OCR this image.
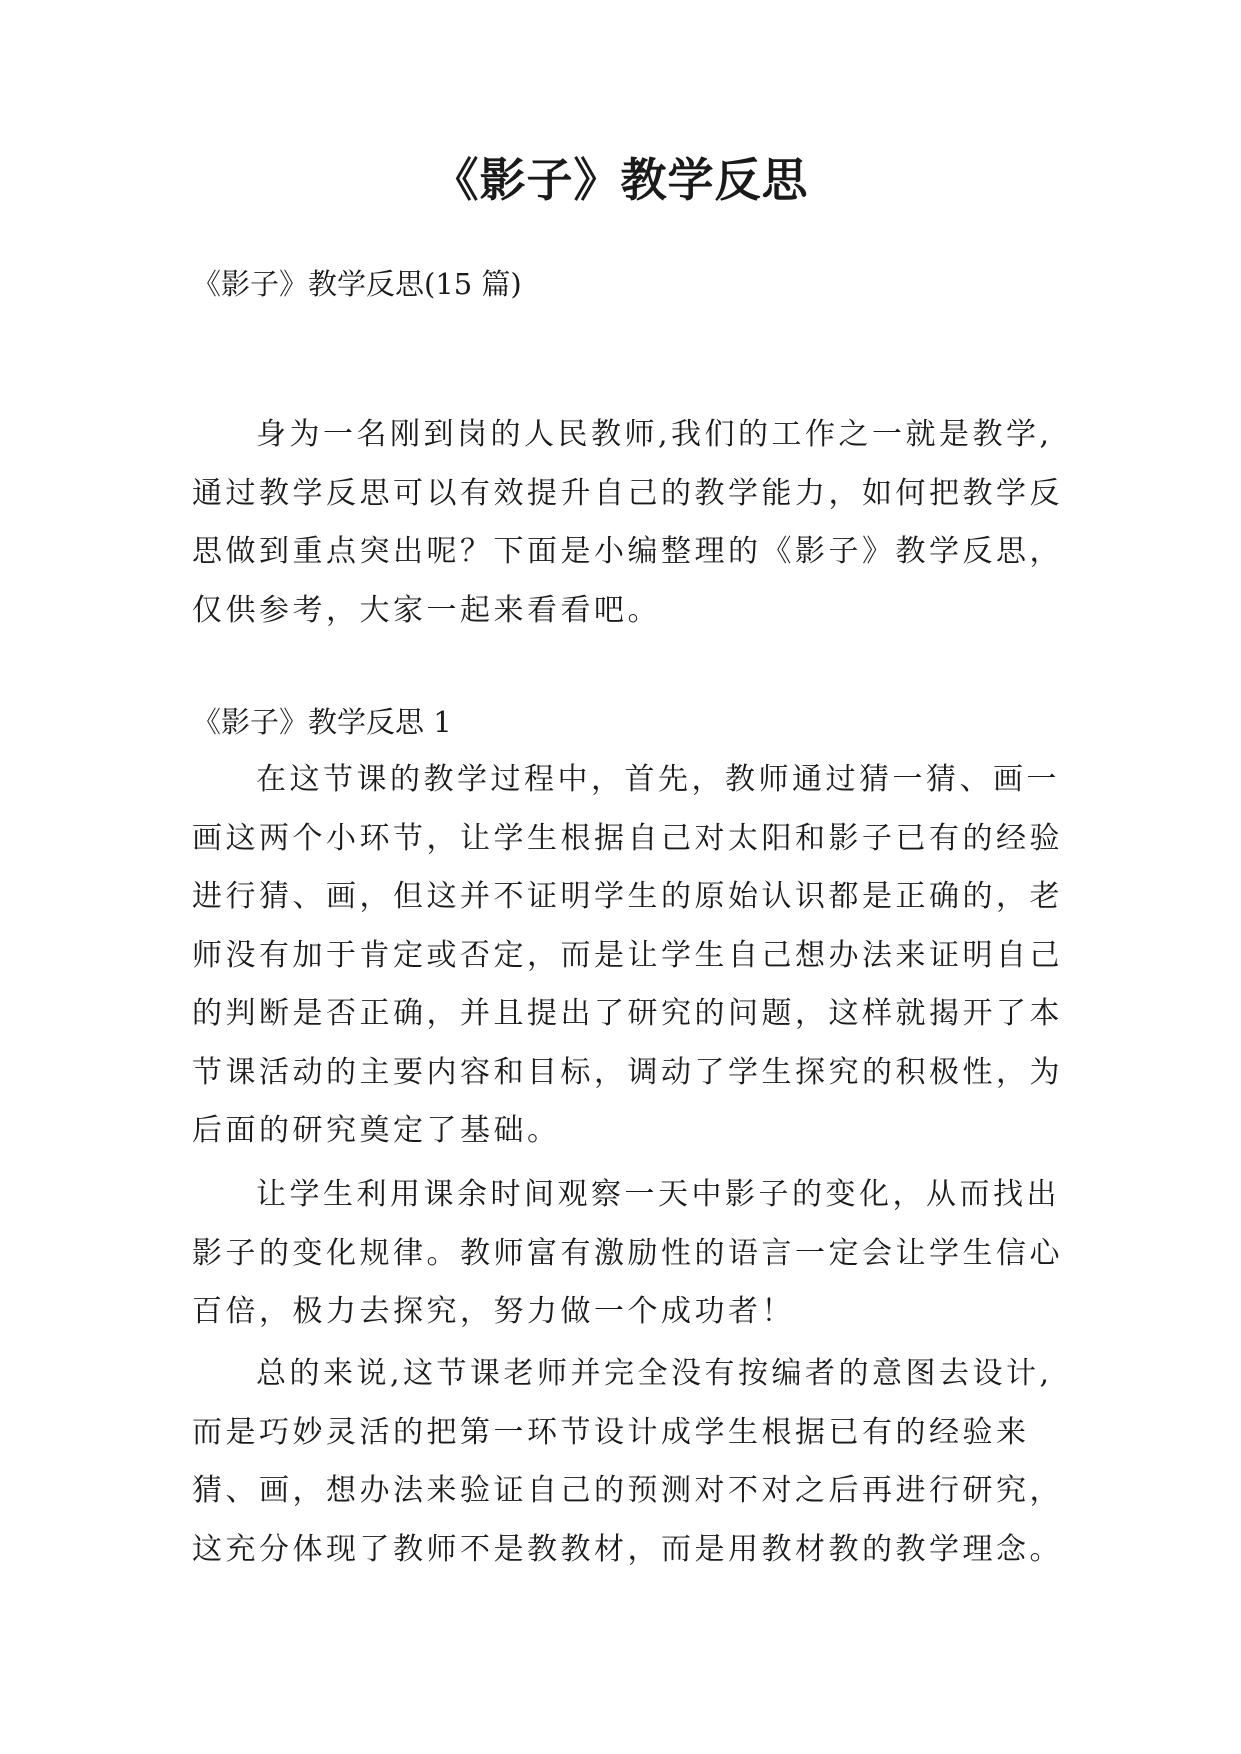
《影子》教学反思
《影子》教学反思(15 篇)
身为一名刚到岗的人民教师,我们的工作之一就是教学,
通过教学反思可以有效提升自己的教学能力，如何把教学反
思做到重点突出呢？下面是小编整理的《影子》教学反思，
仅供参考，大家一起来看看吧。
《影子》教学反思 1
在这节课的教学过程中，首先，教师通过猜一猜、画一
画这两个小环节，让学生根据自己对太阳和影子已有的经验
进行猜、画，但这并不证明学生的原始认识都是正确的，老
师没有加于肯定或否定，而是让学生自己想办法来证明自己
的判断是否正确，并且提出了研究的问题，这样就揭开了本
节课活动的主要内容和目标，调动了学生探究的积极性，为
后面的研究奠定了基础。
让学生利用课余时间观察一天中影子的变化，从而找出
影子的变化规律。教师富有激励性的语言一定会让学生信心
百倍，极力去探究，努力做一个成功者！
总的来说,这节课老师并完全没有按编者的意图去设计,
而是巧妙灵活的把第一环节设计成学生根据已有的经验来
猜、画，想办法来验证自己的预测对不对之后再进行研究，
这充分体现了教师不是教教材，而是用教材教的教学理念。
